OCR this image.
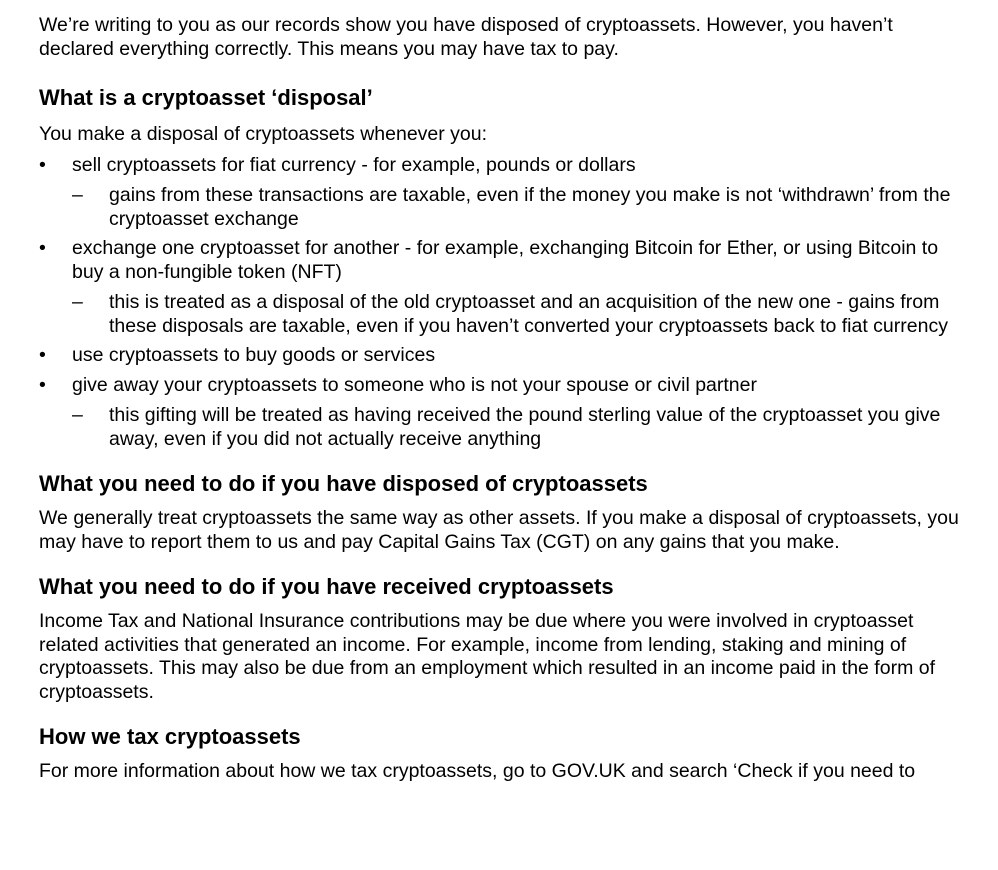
We’re writing to you as our records show you have disposed of cryptoassets. However, you haven’t declared everything correctly. This means you may have tax to pay.

What is a cryptoasset ‘disposal’

You make a disposal of cryptoassets whenever you:

•	sell cryptoassets for fiat currency - for example, pounds or dollars
–	gains from these transactions are taxable, even if the money you make is not ‘withdrawn’ from the cryptoasset exchange
•	exchange one cryptoasset for another - for example, exchanging Bitcoin for Ether, or using Bitcoin to buy a non-fungible token (NFT)
–	this is treated as a disposal of the old cryptoasset and an acquisition of the new one - gains from these disposals are taxable, even if you haven’t converted your cryptoassets back to fiat currency
•	use cryptoassets to buy goods or services
•	give away your cryptoassets to someone who is not your spouse or civil partner
–	this gifting will be treated as having received the pound sterling value of the cryptoasset you give away, even if you did not actually receive anything
What you need to do if you have disposed of cryptoassets

We generally treat cryptoassets the same way as other assets. If you make a disposal of cryptoassets, you may have to report them to us and pay Capital Gains Tax (CGT) on any gains that you make.

What you need to do if you have received cryptoassets

Income Tax and National Insurance contributions may be due where you were involved in cryptoasset related activities that generated an income. For example, income from lending, staking and mining of cryptoassets. This may also be due from an employment which resulted in an income paid in the form of cryptoassets.

How we tax cryptoassets

For more information about how we tax cryptoassets, go to GOV.UK and search ‘Check if you need to
